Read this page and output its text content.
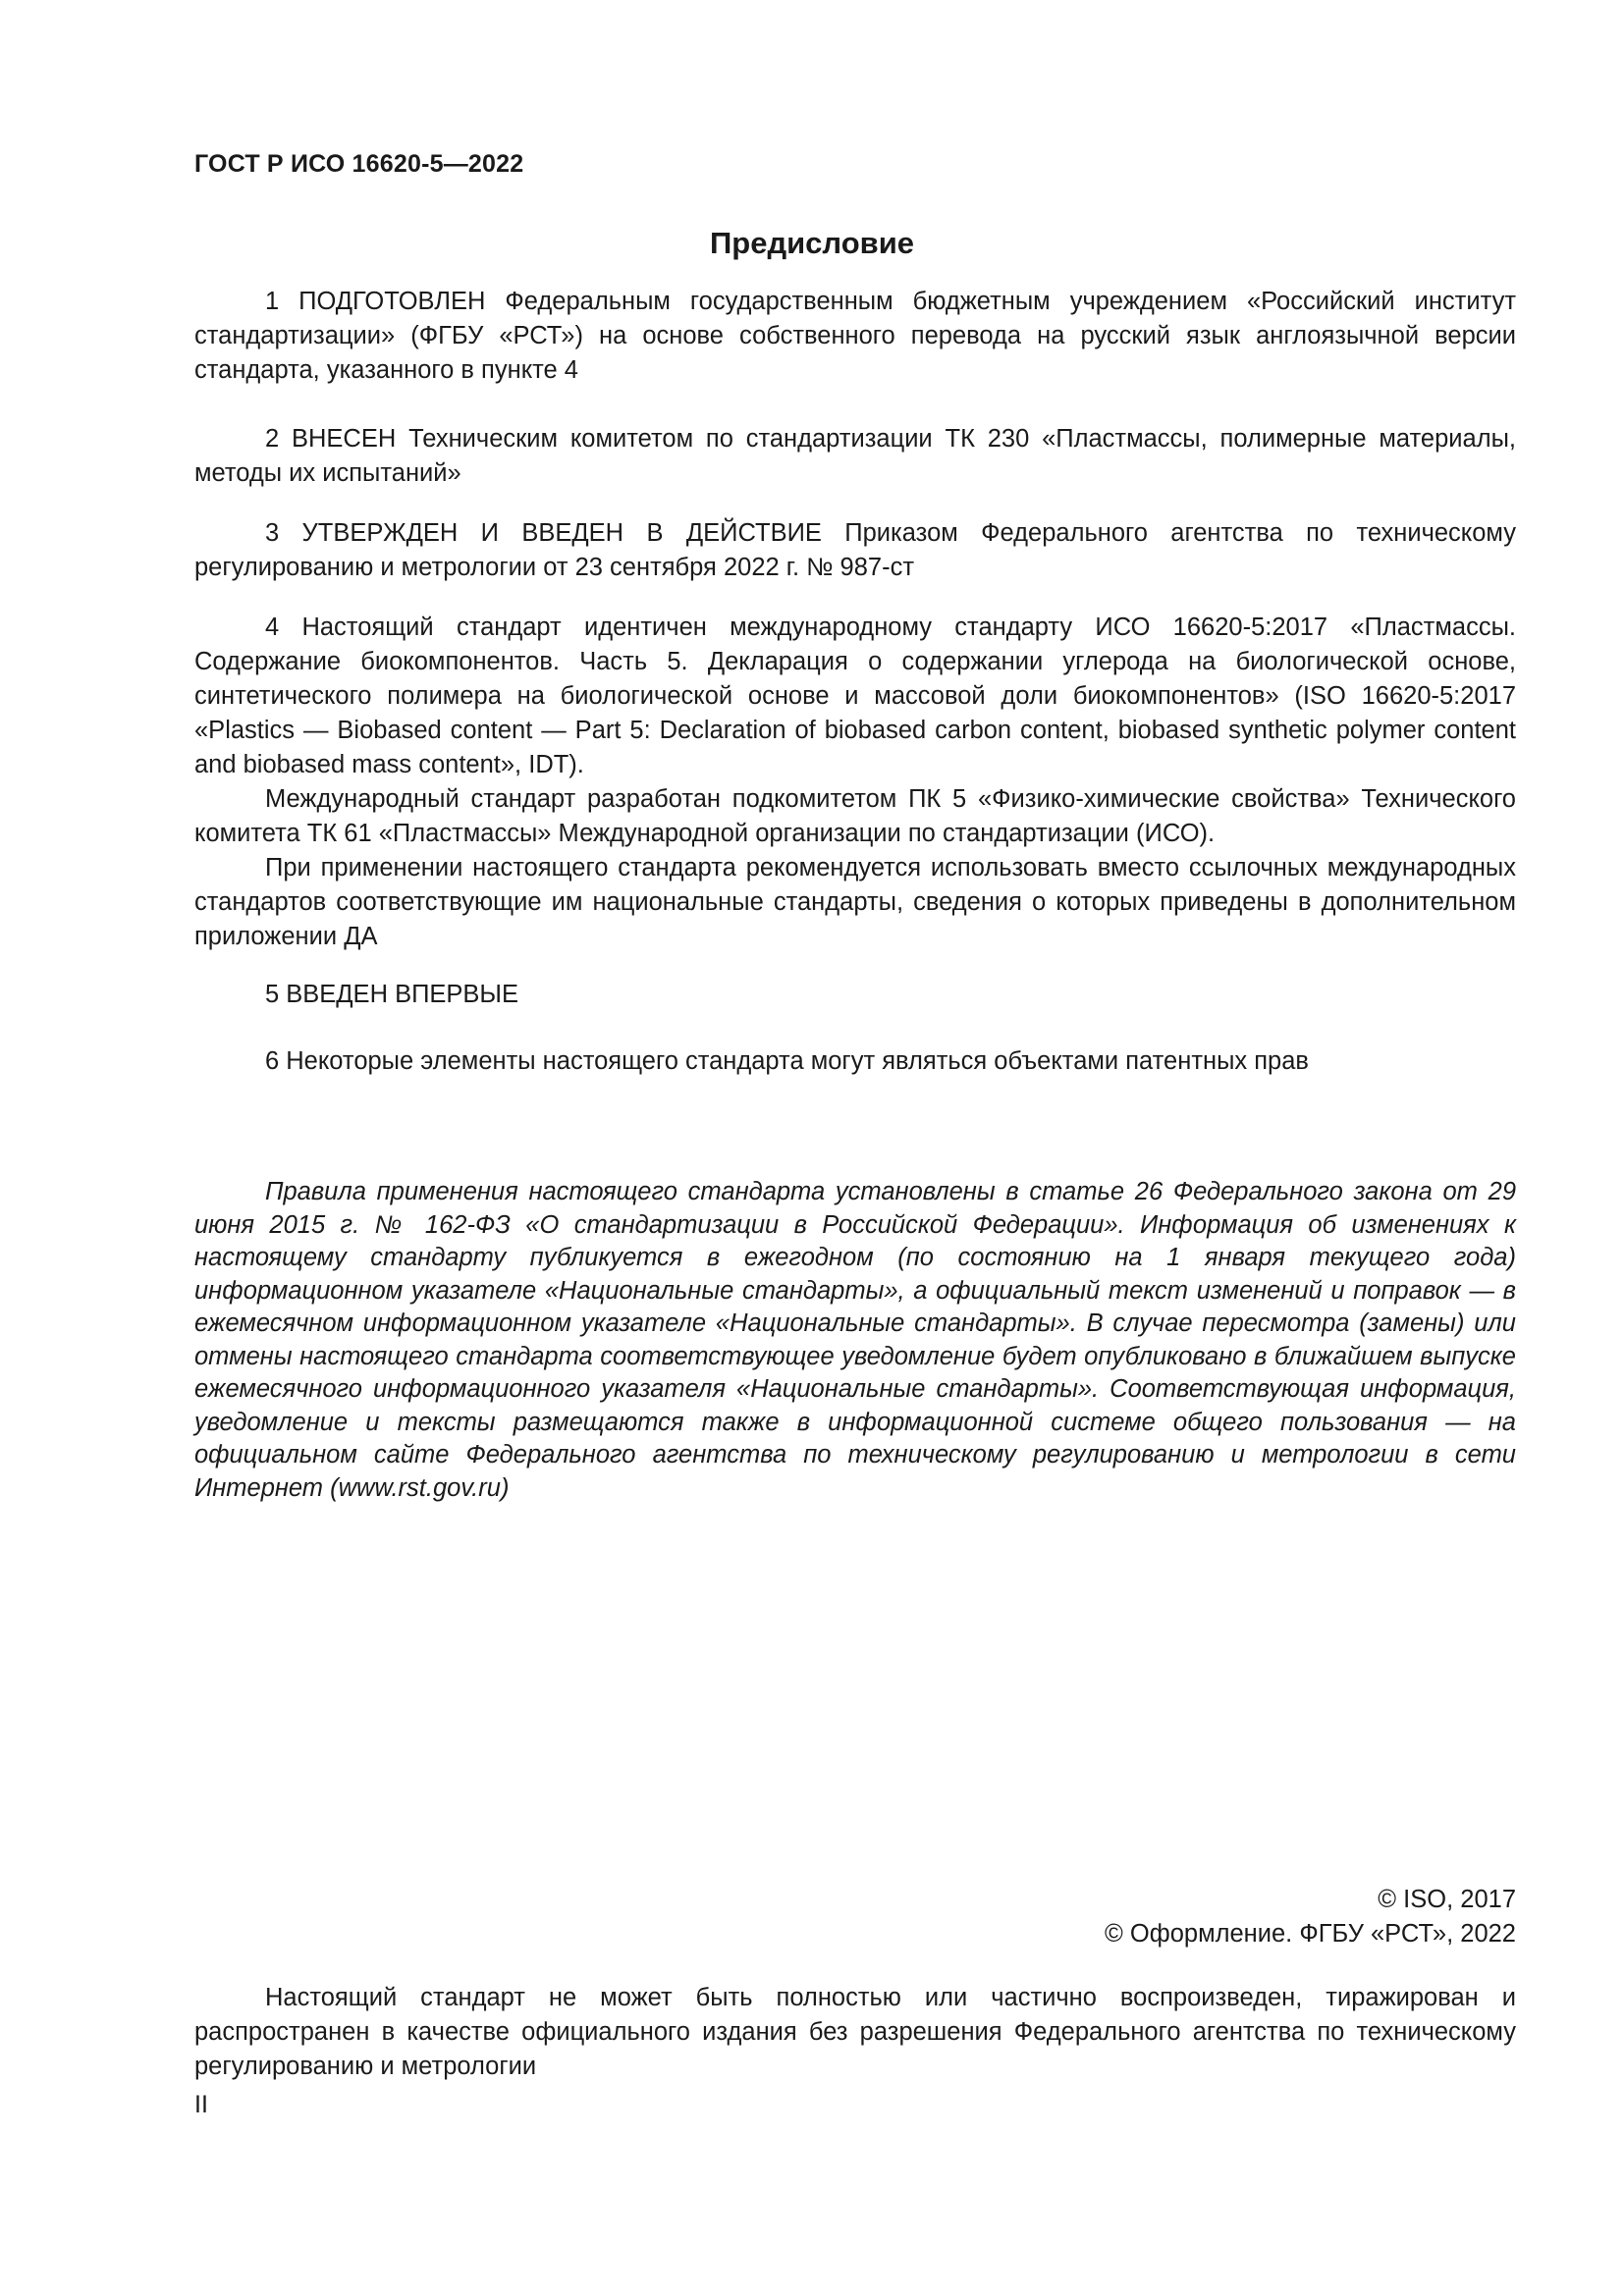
ГОСТ Р ИСО 16620-5—2022
Предисловие

1 ПОДГОТОВЛЕН Федеральным государственным бюджетным учреждением «Российский институт стандартизации» (ФГБУ «РСТ») на основе собственного перевода на русский язык англоязычной версии стандарта, указанного в пункте 4

2 ВНЕСЕН Техническим комитетом по стандартизации ТК 230 «Пластмассы, полимерные материалы, методы их испытаний»

3 УТВЕРЖДЕН И ВВЕДЕН В ДЕЙСТВИЕ Приказом Федерального агентства по техническому регулированию и метрологии от 23 сентября 2022 г. № 987-ст

4 Настоящий стандарт идентичен международному стандарту ИСО 16620-5:2017 «Пластмассы. Содержание биокомпонентов. Часть 5. Декларация о содержании углерода на биологической основе, синтетического полимера на биологической основе и массовой доли биокомпонентов» (ISO 16620-5:2017 «Plastics — Biobased content — Part 5: Declaration of biobased carbon content, biobased synthetic polymer content and biobased mass content», IDT).

Международный стандарт разработан подкомитетом ПК 5 «Физико-химические свойства» Технического комитета ТК 61 «Пластмассы» Международной организации по стандартизации (ИСО).

При применении настоящего стандарта рекомендуется использовать вместо ссылочных международных стандартов соответствующие им национальные стандарты, сведения о которых приведены в дополнительном приложении ДА

5 ВВЕДЕН ВПЕРВЫЕ

6 Некоторые элементы настоящего стандарта могут являться объектами патентных прав

Правила применения настоящего стандарта установлены в статье 26 Федерального закона от 29 июня 2015 г. № 162-ФЗ «О стандартизации в Российской Федерации». Информация об изменениях к настоящему стандарту публикуется в ежегодном (по состоянию на 1 января текущего года) информационном указателе «Национальные стандарты», а официальный текст изменений и поправок — в ежемесячном информационном указателе «Национальные стандарты». В случае пересмотра (замены) или отмены настоящего стандарта соответствующее уведомление будет опубликовано в ближайшем выпуске ежемесячного информационного указателя «Национальные стандарты». Соответствующая информация, уведомление и тексты размещаются также в информационной системе общего пользования — на официальном сайте Федерального агентства по техническому регулированию и метрологии в сети Интернет (www.rst.gov.ru)

© ISO, 2017
© Оформление. ФГБУ «РСТ», 2022

Настоящий стандарт не может быть полностью или частично воспроизведен, тиражирован и распространен в качестве официального издания без разрешения Федерального агентства по техническому регулированию и метрологии

II
